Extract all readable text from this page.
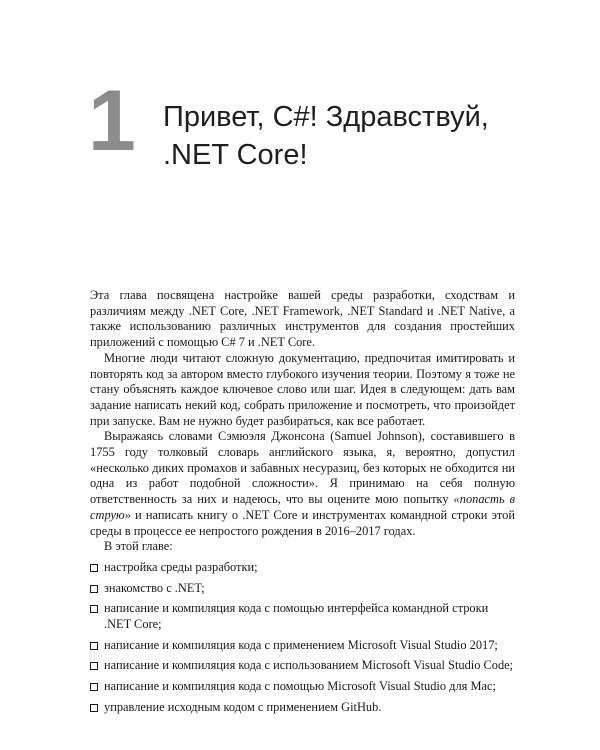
1 Привет, C#! Здравствуй,
.NET Core!

Эта глава посвящена настройке вашей среды разработки, сходствам и различиям между .NET Core, .NET Framework, .NET Standard и .NET Native, а также использованию различных инструментов для создания простейших приложений с помощью C# 7 и .NET Core.

Многие люди читают сложную документацию, предпочитая имитировать и повторять код за автором вместо глубокого изучения теории. Поэтому я тоже не стану объяснять каждое ключевое слово или шаг. Идея в следующем: дать вам задание написать некий код, собрать приложение и посмотреть, что произойдет при запуске. Вам не нужно будет разбираться, как все работает.

Выражаясь словами Сэмюэля Джонсона (Samuel Johnson), составившего в 1755 году толковый словарь английского языка, я, вероятно, допустил «несколько диких промахов и забавных несуразиц, без которых не обходится ни одна из работ подобной сложности». Я принимаю на себя полную ответственность за них и надеюсь, что вы оцените мою попытку «попасть в струю» и написать книгу о .NET Core и инструментах командной строки этой среды в процессе ее непростого рождения в 2016–2017 годах.

В этой главе:

настройка среды разработки;
знакомство с .NET;
написание и компиляция кода с помощью интерфейса командной строки .NET Core;
написание и компиляция кода с применением Microsoft Visual Studio 2017;
написание и компиляция кода с использованием Microsoft Visual Studio Code;
написание и компиляция кода с помощью Microsoft Visual Studio для Mac;
управление исходным кодом с применением GitHub.
